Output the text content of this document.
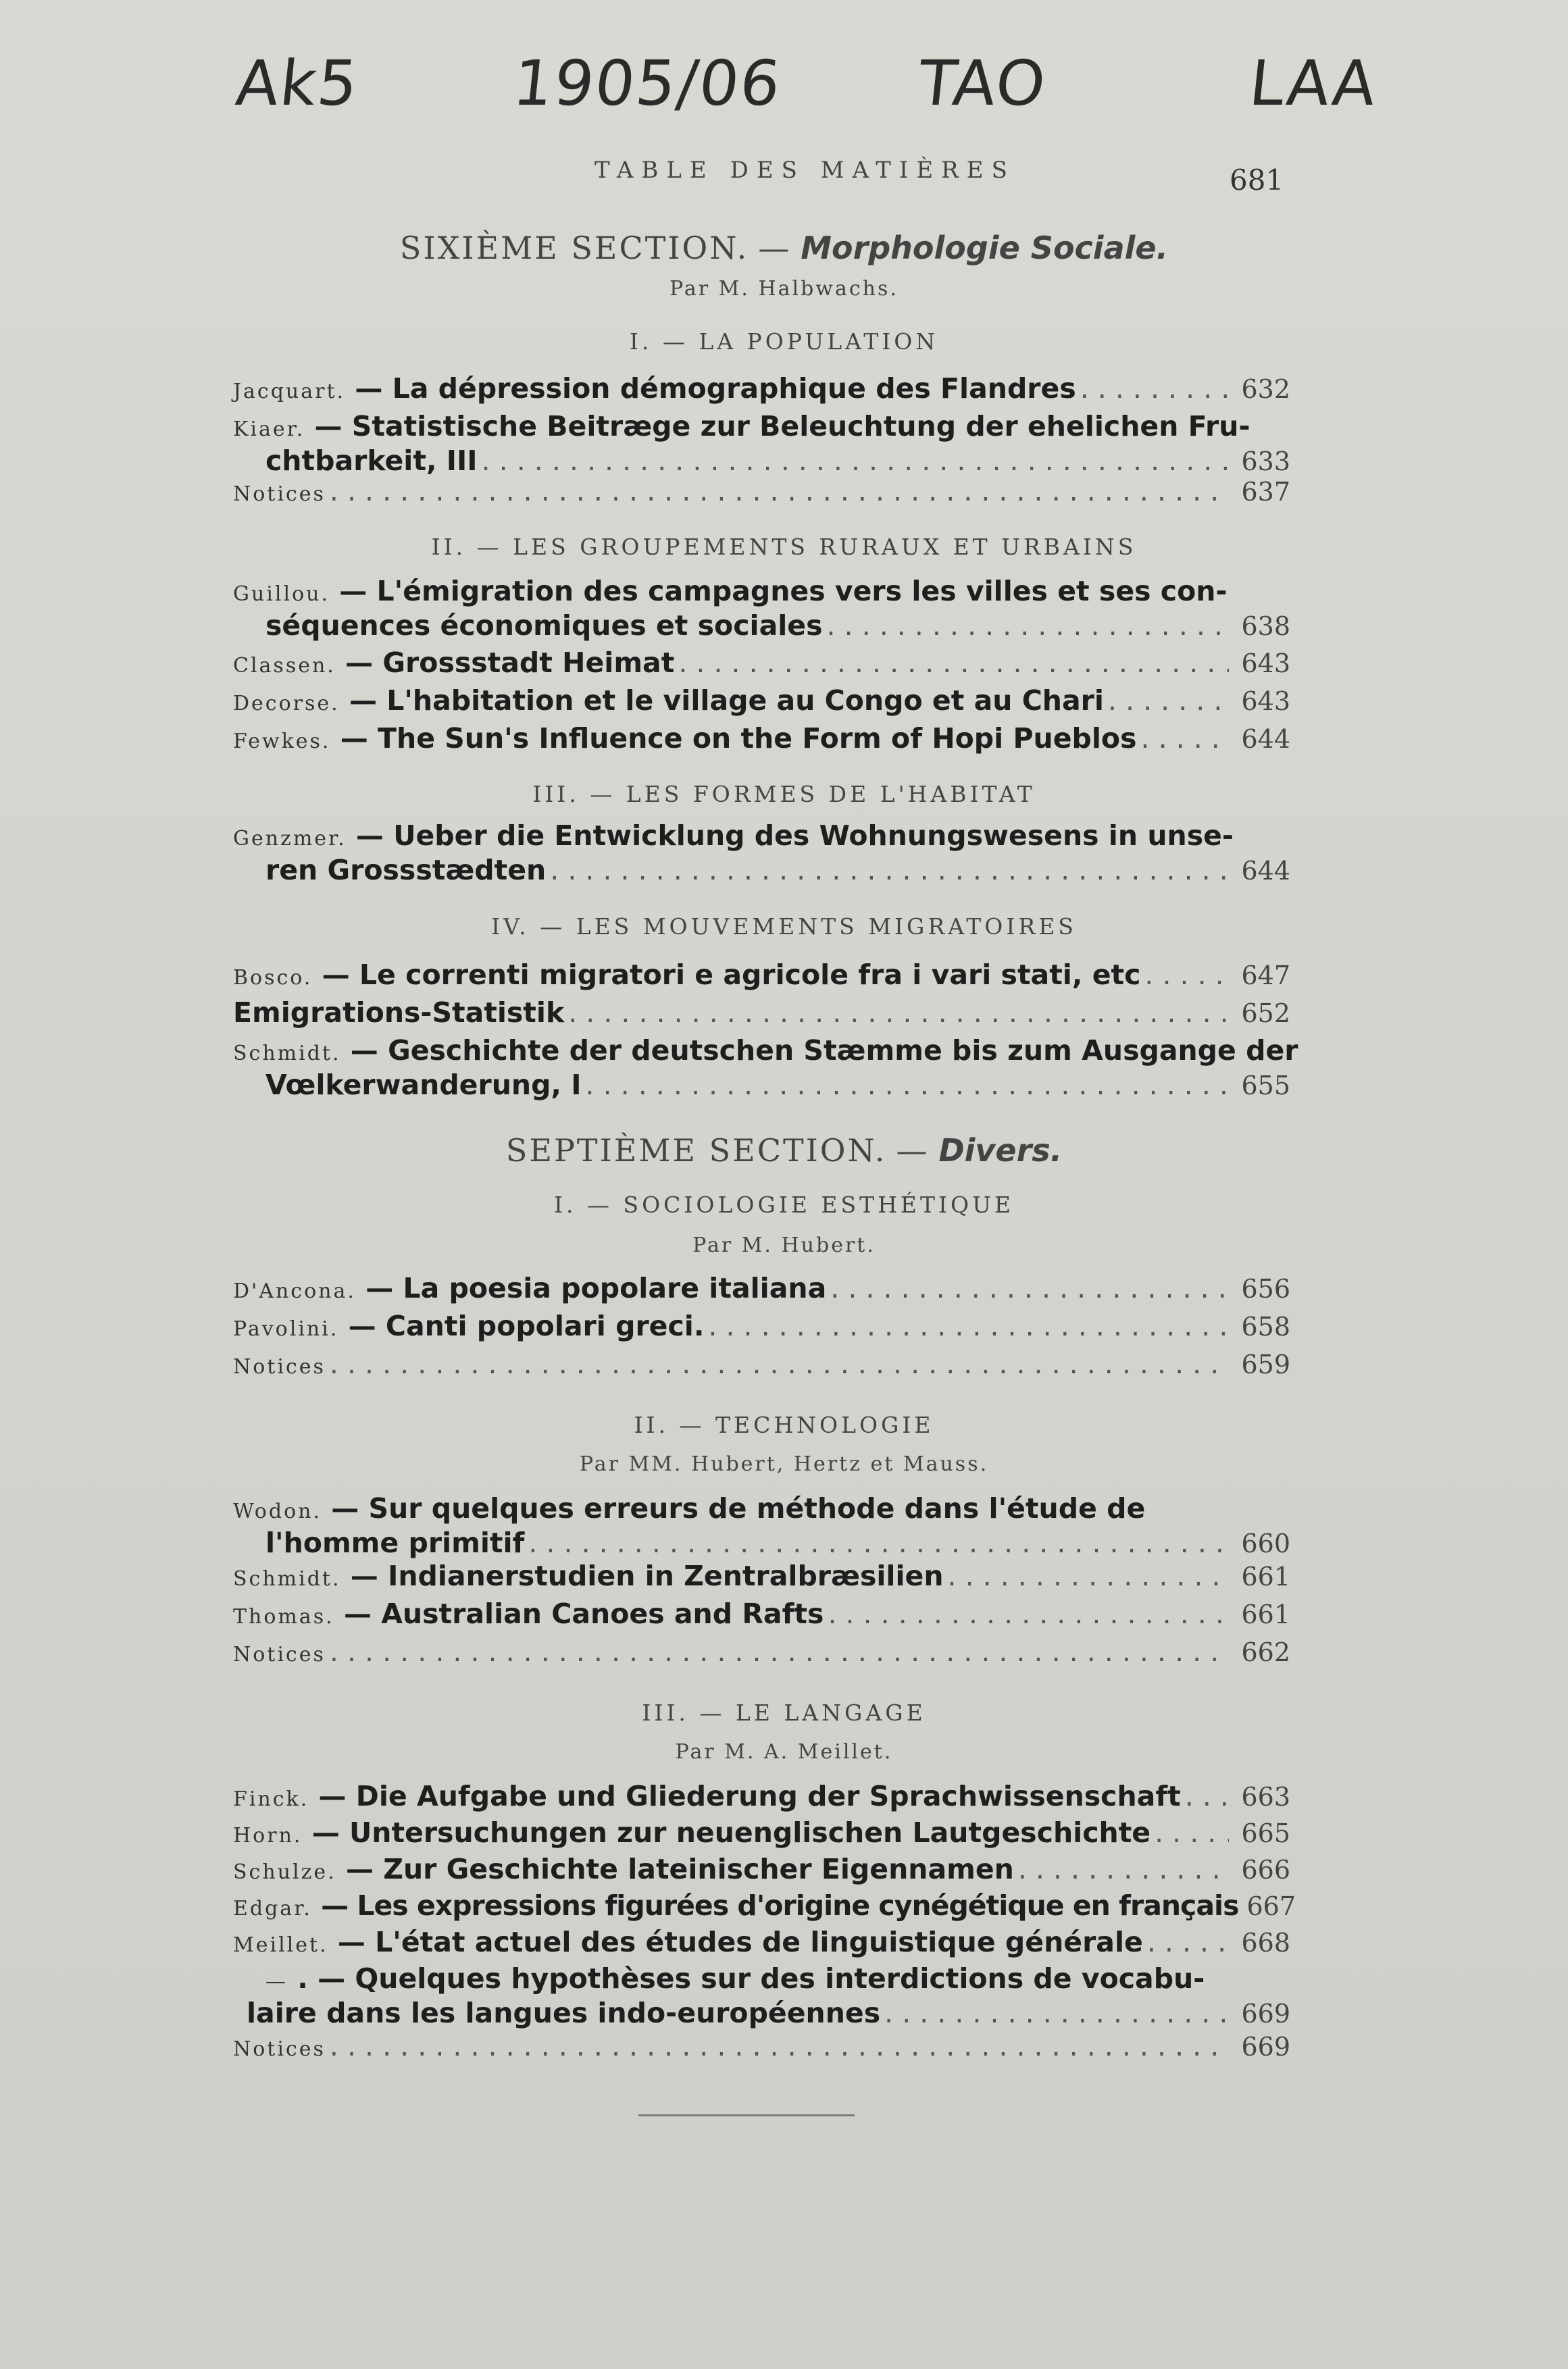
Ak5 1905/06 TAO	LAA
TABLE DES MATIÈRES	681
SIXIÈME SECTION. — Morphologie Sociale.
Par M. Halbwachs.
I. — LA POPULATION
Jacquart. — La dépression démographique des Flandres . . .	632
Kiaer. — Statistische Beitræge zur Beleuchtung der ehelichen Fru-
chtbarkeit, III . . .	633
Notices . . .	637
II. — LES GROUPEMENTS RURAUX ET URBAINS
Guillou. — L'émigration des campagnes vers les villes et ses con-
séquences économiques et sociales . . .	638
Classen. — Grossstadt Heimat . . .	643
Decorse. — L'habitation et le village au Congo et au Chari . . .	643
Fewkes. — The Sun's Influence on the Form of Hopi Pueblos . . .	644
III. — LES FORMES DE L'HABITAT
Genzmer. — Ueber die Entwicklung des Wohnungswesens in unse-
ren Grossstædten . . .	644
IV. — LES MOUVEMENTS MIGRATOIRES
Bosco. — Le correnti migratori e agricole fra i vari stati, etc . . .	647
Emigrations-Statistik . . .	652
Schmidt. — Geschichte der deutschen Stæmme bis zum Ausgange der
Vœlkerwanderung, I . . .	655
SEPTIÈME SECTION. — Divers.
I. — SOCIOLOGIE ESTHÉTIQUE
Par M. Hubert.
D'Ancona. — La poesia popolare italiana . . .	656
Pavolini. — Canti popolari greci. . . .	658
Notices . . .	659
II. — TECHNOLOGIE
Par MM. Hubert, Hertz et Mauss.
Wodon. — Sur quelques erreurs de méthode dans l'étude de
l'homme primitif . . .	660
Schmidt. — Indianerstudien in Zentralbræsilien . . .	661
Thomas. — Australian Canoes and Rafts . . .	661
Notices . . .	662
III. — LE LANGAGE
Par M. A. Meillet.
Finck. — Die Aufgabe und Gliederung der Sprachwissenschaft . . .	663
Horn. — Untersuchungen zur neuenglischen Lautgeschichte . . .	665
Schulze. — Zur Geschichte lateinischer Eigennamen . . .	666
Edgar. — Les expressions figurées d'origine cynégétique en français 667
Meillet. — L'état actuel des études de linguistique générale . . .	668
— . — Quelques hypothèses sur des interdictions de vocabu-
laire dans les langues indo-européennes . . .	669
Notices . . .	669
